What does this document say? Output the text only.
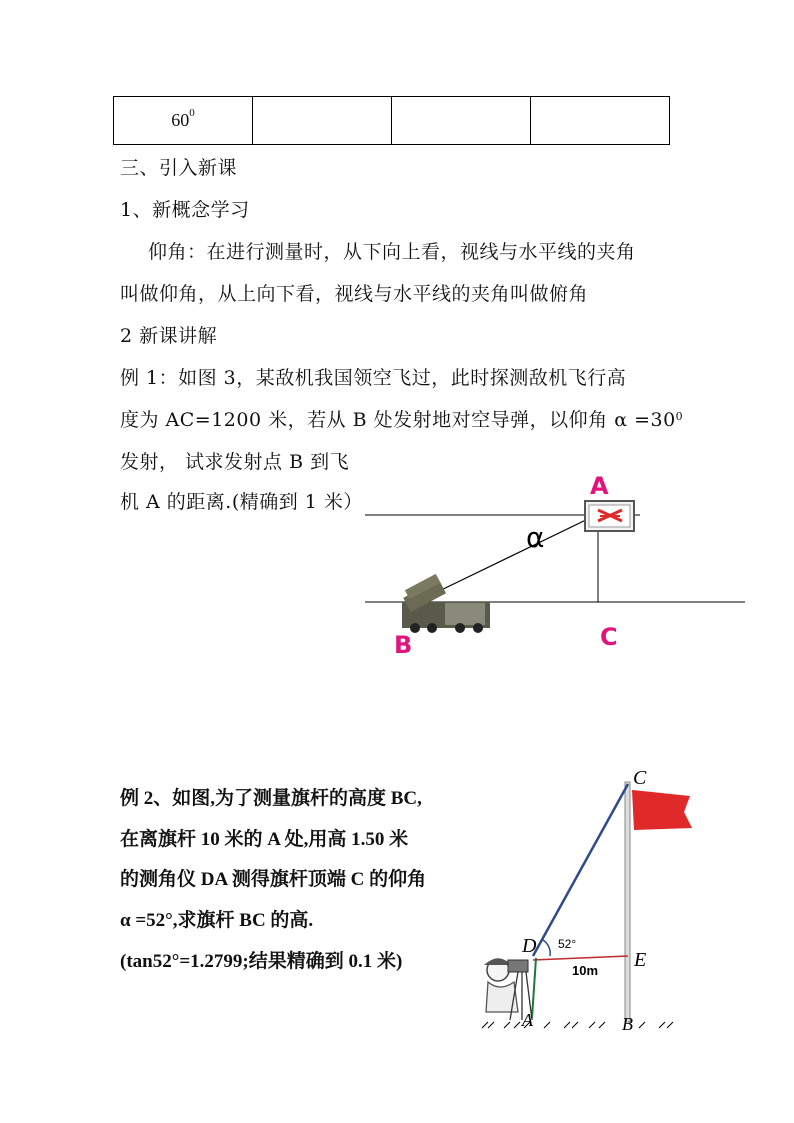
$60^0$			
三、引入新课
1、新概念学习
仰角：在进行测量时，从下向上看，视线与水平线的夹角
叫做仰角，从上向下看，视线与水平线的夹角叫做俯角
2 新课讲解
例 1：如图 3，某敌机我国领空飞过，此时探测敌机飞行高
度为 AC=1200 米，若从 B 处发射地对空导弹，以仰角 $\alpha =30^0$
发射， 试求发射点 B 到飞
机 A 的距离.(精确到 1 米）
A
α
B	C
例 2、如图,为了测量旗杆的高度 BC,
在离旗杆 10 米的 A 处,用高 1.50 米
的测角仪 DA 测得旗杆顶端 C 的仰角
α =52°,求旗杆 BC 的高.
(tan52°=1.2799;结果精确到 0.1 米)
C
D 52°
10m E
A	B
